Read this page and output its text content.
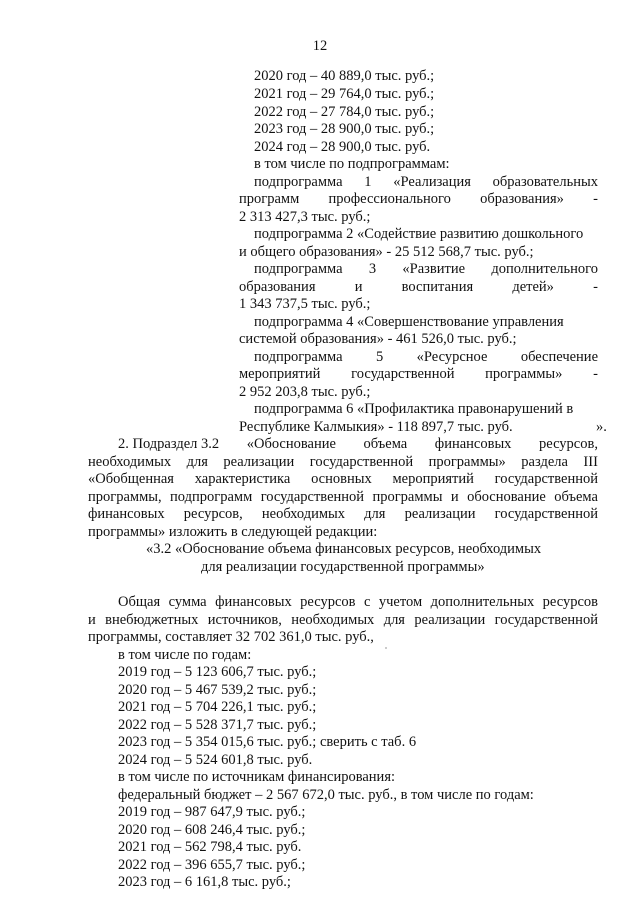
12
2020 год – 40 889,0 тыс. руб.;
2021 год – 29 764,0 тыс. руб.;
2022 год – 27 784,0 тыс. руб.;
2023 год – 28 900,0 тыс. руб.;
2024 год – 28 900,0 тыс. руб.
в том числе по подпрограммам:
подпрограмма 1 «Реализация образовательных
программ профессионального образования» -
2 313 427,3 тыс. руб.;
подпрограмма 2 «Содействие развитию дошкольного
и общего образования» - 25 512 568,7 тыс. руб.;
подпрограмма 3 «Развитие дополнительного
образования	и	воспитания	детей»	-
1 343 737,5 тыс. руб.;
подпрограмма 4 «Совершенствование управления
системой образования» - 461 526,0 тыс. руб.;
подпрограмма 5 «Ресурсное обеспечение
мероприятий государственной программы» -
2 952 203,8 тыс. руб.;
подпрограмма 6 «Профилактика правонарушений в
Республике Калмыкия» - 118 897,7 тыс. руб.	».
2. Подраздел 3.2 «Обоснование объема финансовых ресурсов,
необходимых для реализации государственной программы» раздела III
«Обобщенная характеристика основных мероприятий государственной
программы, подпрограмм государственной программы и обоснование объема
финансовых ресурсов, необходимых для реализации государственной
программы» изложить в следующей редакции:
«3.2 «Обоснование объема финансовых ресурсов, необходимых
для реализации государственной программы»
Общая сумма финансовых ресурсов с учетом дополнительных ресурсов
и внебюджетных источников, необходимых для реализации государственной
программы, составляет 32 702 361,0 тыс. руб.,
в том числе по годам:
2019 год – 5 123 606,7 тыс. руб.;
2020 год – 5 467 539,2 тыс. руб.;
2021 год – 5 704 226,1 тыс. руб.;
2022 год – 5 528 371,7 тыс. руб.;
2023 год – 5 354 015,6 тыс. руб.; сверить с таб. 6
2024 год – 5 524 601,8 тыс. руб.
в том числе по источникам финансирования:
федеральный бюджет – 2 567 672,0 тыс. руб., в том числе по годам:
2019 год – 987 647,9 тыс. руб.;
2020 год – 608 246,4 тыс. руб.;
2021 год – 562 798,4 тыс. руб.
2022 год – 396 655,7 тыс. руб.;
2023 год – 6 161,8 тыс. руб.;
